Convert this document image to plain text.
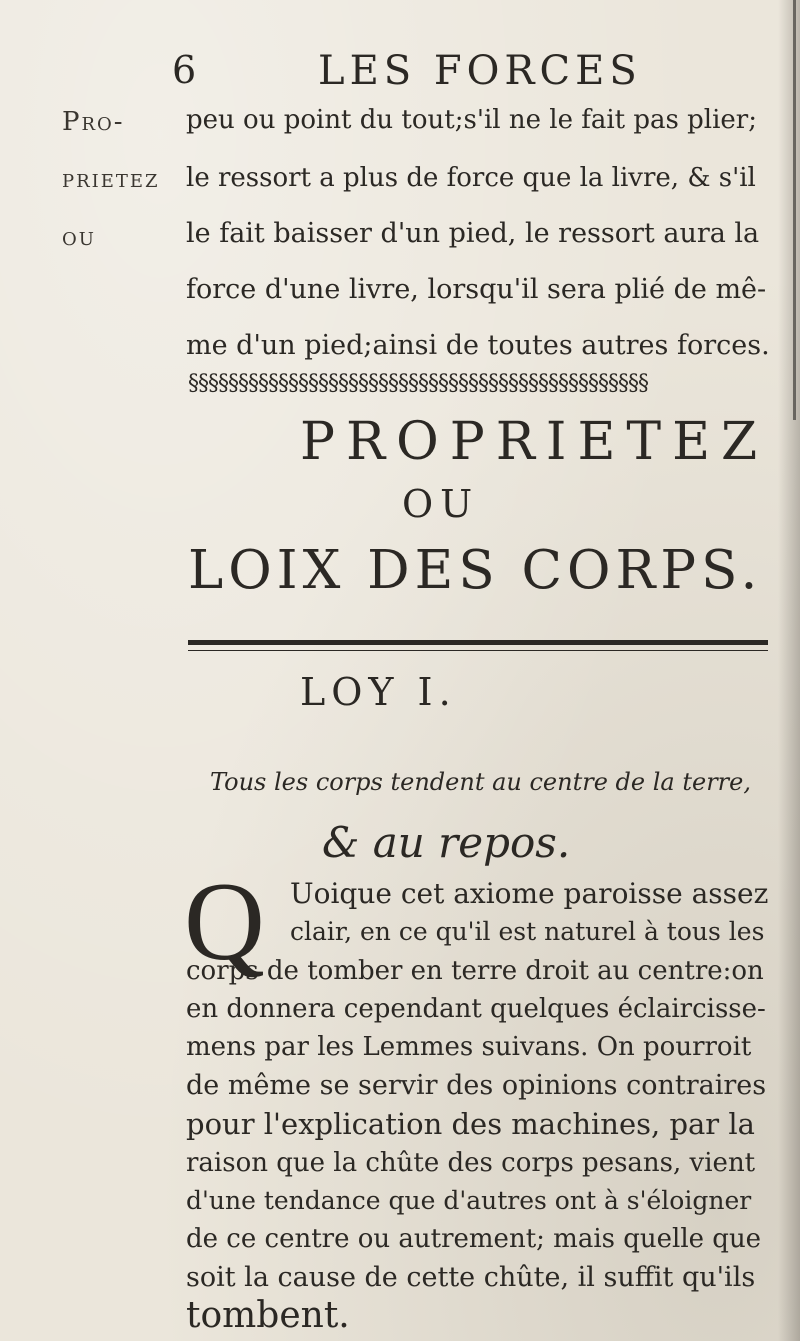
6	LES FORCES
Pro-
prietez
ou
peu ou point du tout;s'il ne le fait pas plier;
le ressort a plus de force que la livre, & s'il
le fait baisser d'un pied, le ressort aura la
force d'une livre, lorsqu'il sera plié de mê-
me d'un pied;ainsi de toutes autres forces.
§§§§§§§§§§§§§§§§§§§§§§§§§§§§§§§§§§§§§§§§§§§§§§
PROPRIETEZ
OU
LOIX DES CORPS.
LOY I.
Tous les corps tendent au centre de la terre,
& au repos.
Q Uoique cet axiome paroisse assez
clair, en ce qu'il est naturel à tous les
corps de tomber en terre droit au centre:on
en donnera cependant quelques éclaircisse-
mens par les Lemmes suivans. On pourroit
de même se servir des opinions contraires
pour l'explication des machines, par la
raison que la chûte des corps pesans, vient
d'une tendance que d'autres ont à s'éloigner
de ce centre ou autrement; mais quelle que
soit la cause de cette chûte, il suffit qu'ils
tombent.
